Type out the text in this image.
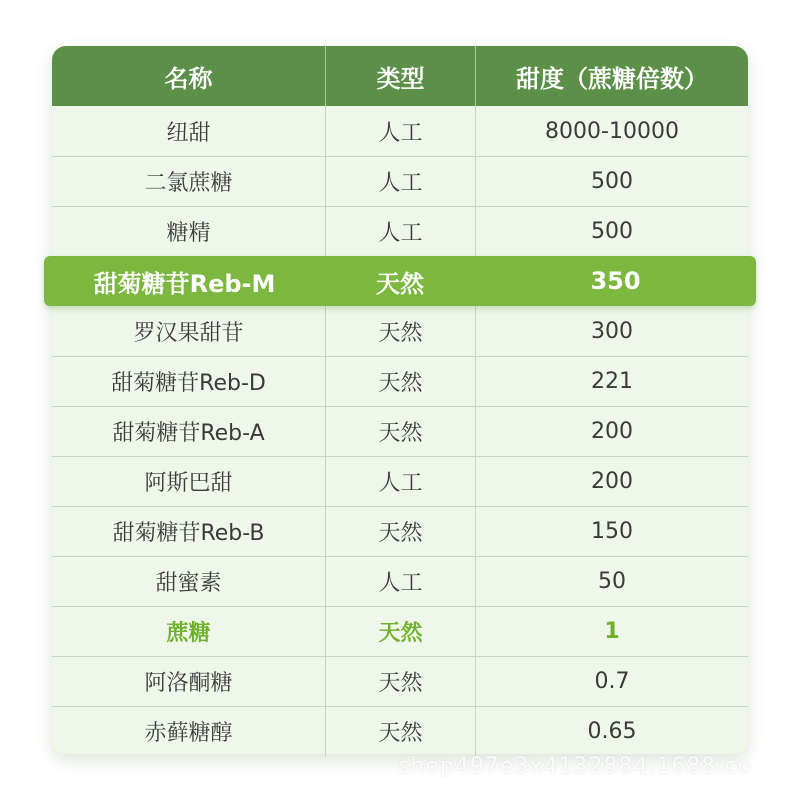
名称	类型	甜度（蔗糖倍数）
纽甜	人工	8000-10000
二氯蔗糖	人工	500
糖精	人工	500
甜菊糖苷Reb-M	天然	350
罗汉果甜苷	天然	300
甜菊糖苷Reb-D	天然	221
甜菊糖苷Reb-A	天然	200
阿斯巴甜	人工	200
甜菊糖苷Reb-B	天然	150
甜蜜素	人工	50
蔗糖	天然	1
阿洛酮糖	天然	0.7
赤藓糖醇	天然	0.65
shop497e3x4132884.1688.co
